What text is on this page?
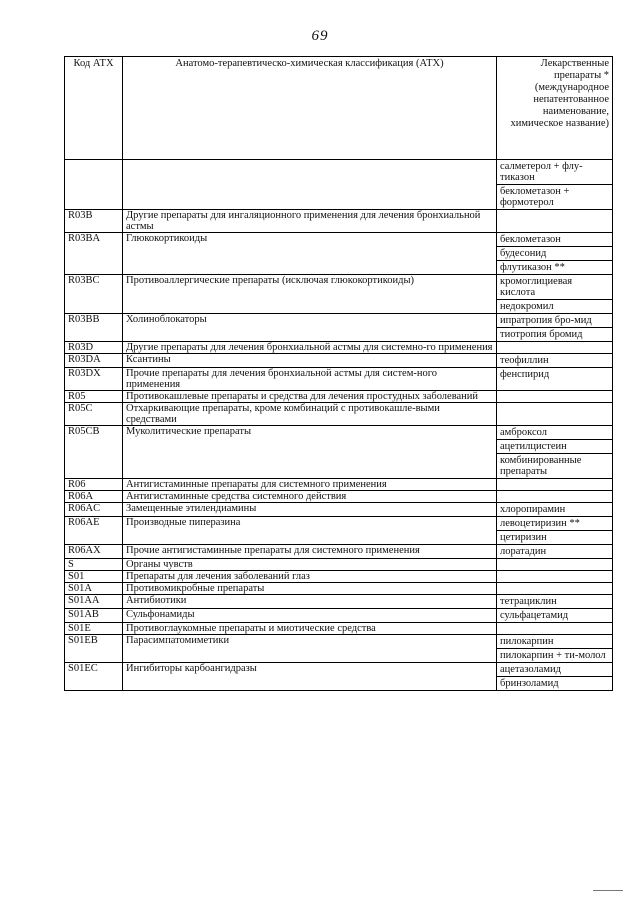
69
Код АТХ	Анатомо-терапевтическо-химическая классификация (АТХ)	Лекарственные препараты * (международное непатентованное наименование, химическое название)

		салметерол + флу-тиказон
беклометазон + формотерол

R03B	Другие препараты для ингаляционного применения для лечения бронхиальной астмы	
R03BA	Глюкокортикоиды	беклометазон
будесонид
флутиказон **

R03BC	Противоаллергические препараты (исключая глюкокортикоиды)	кромоглициевая кислота
недокромил

R03BB	Холиноблокаторы	ипратропия бро-мид
тиотропия бромид

R03D	Другие препараты для лечения бронхиальной астмы для системно-го применения	
R03DA	Ксантины	теофиллин

R03DX	Прочие препараты для лечения бронхиальной астмы для систем-ного применения	фенспирид

R05	Противокашлевые препараты и средства для лечения простудных заболеваний	
R05C	Отхаркивающие препараты, кроме комбинаций с противокашле-выми средствами	
R05CB	Муколитические препараты	амброксол
ацетилцистеин
комбинированные препараты

R06	Антигистаминные препараты для системного применения	
R06A	Антигистаминные средства системного действия	
R06AC	Замещенные этилендиамины	хлоропирамин

R06AE	Производные пиперазина	левоцетиризин **
цетиризин

R06AX	Прочие антигистаминные препараты для системного применения	лоратадин

S	Органы чувств	
S01	Препараты для лечения заболеваний глаз	
S01A	Противомикробные препараты	
S01AA	Антибиотики	тетрациклин

S01AB	Сульфонамиды	сульфацетамид

S01E	Противоглаукомные препараты и миотические средства	
S01EB	Парасимпатомиметики	пилокарпин
пилокарпин + ти-молол

S01EC	Ингибиторы карбоангидразы	ацетазоламид
бринзоламид
